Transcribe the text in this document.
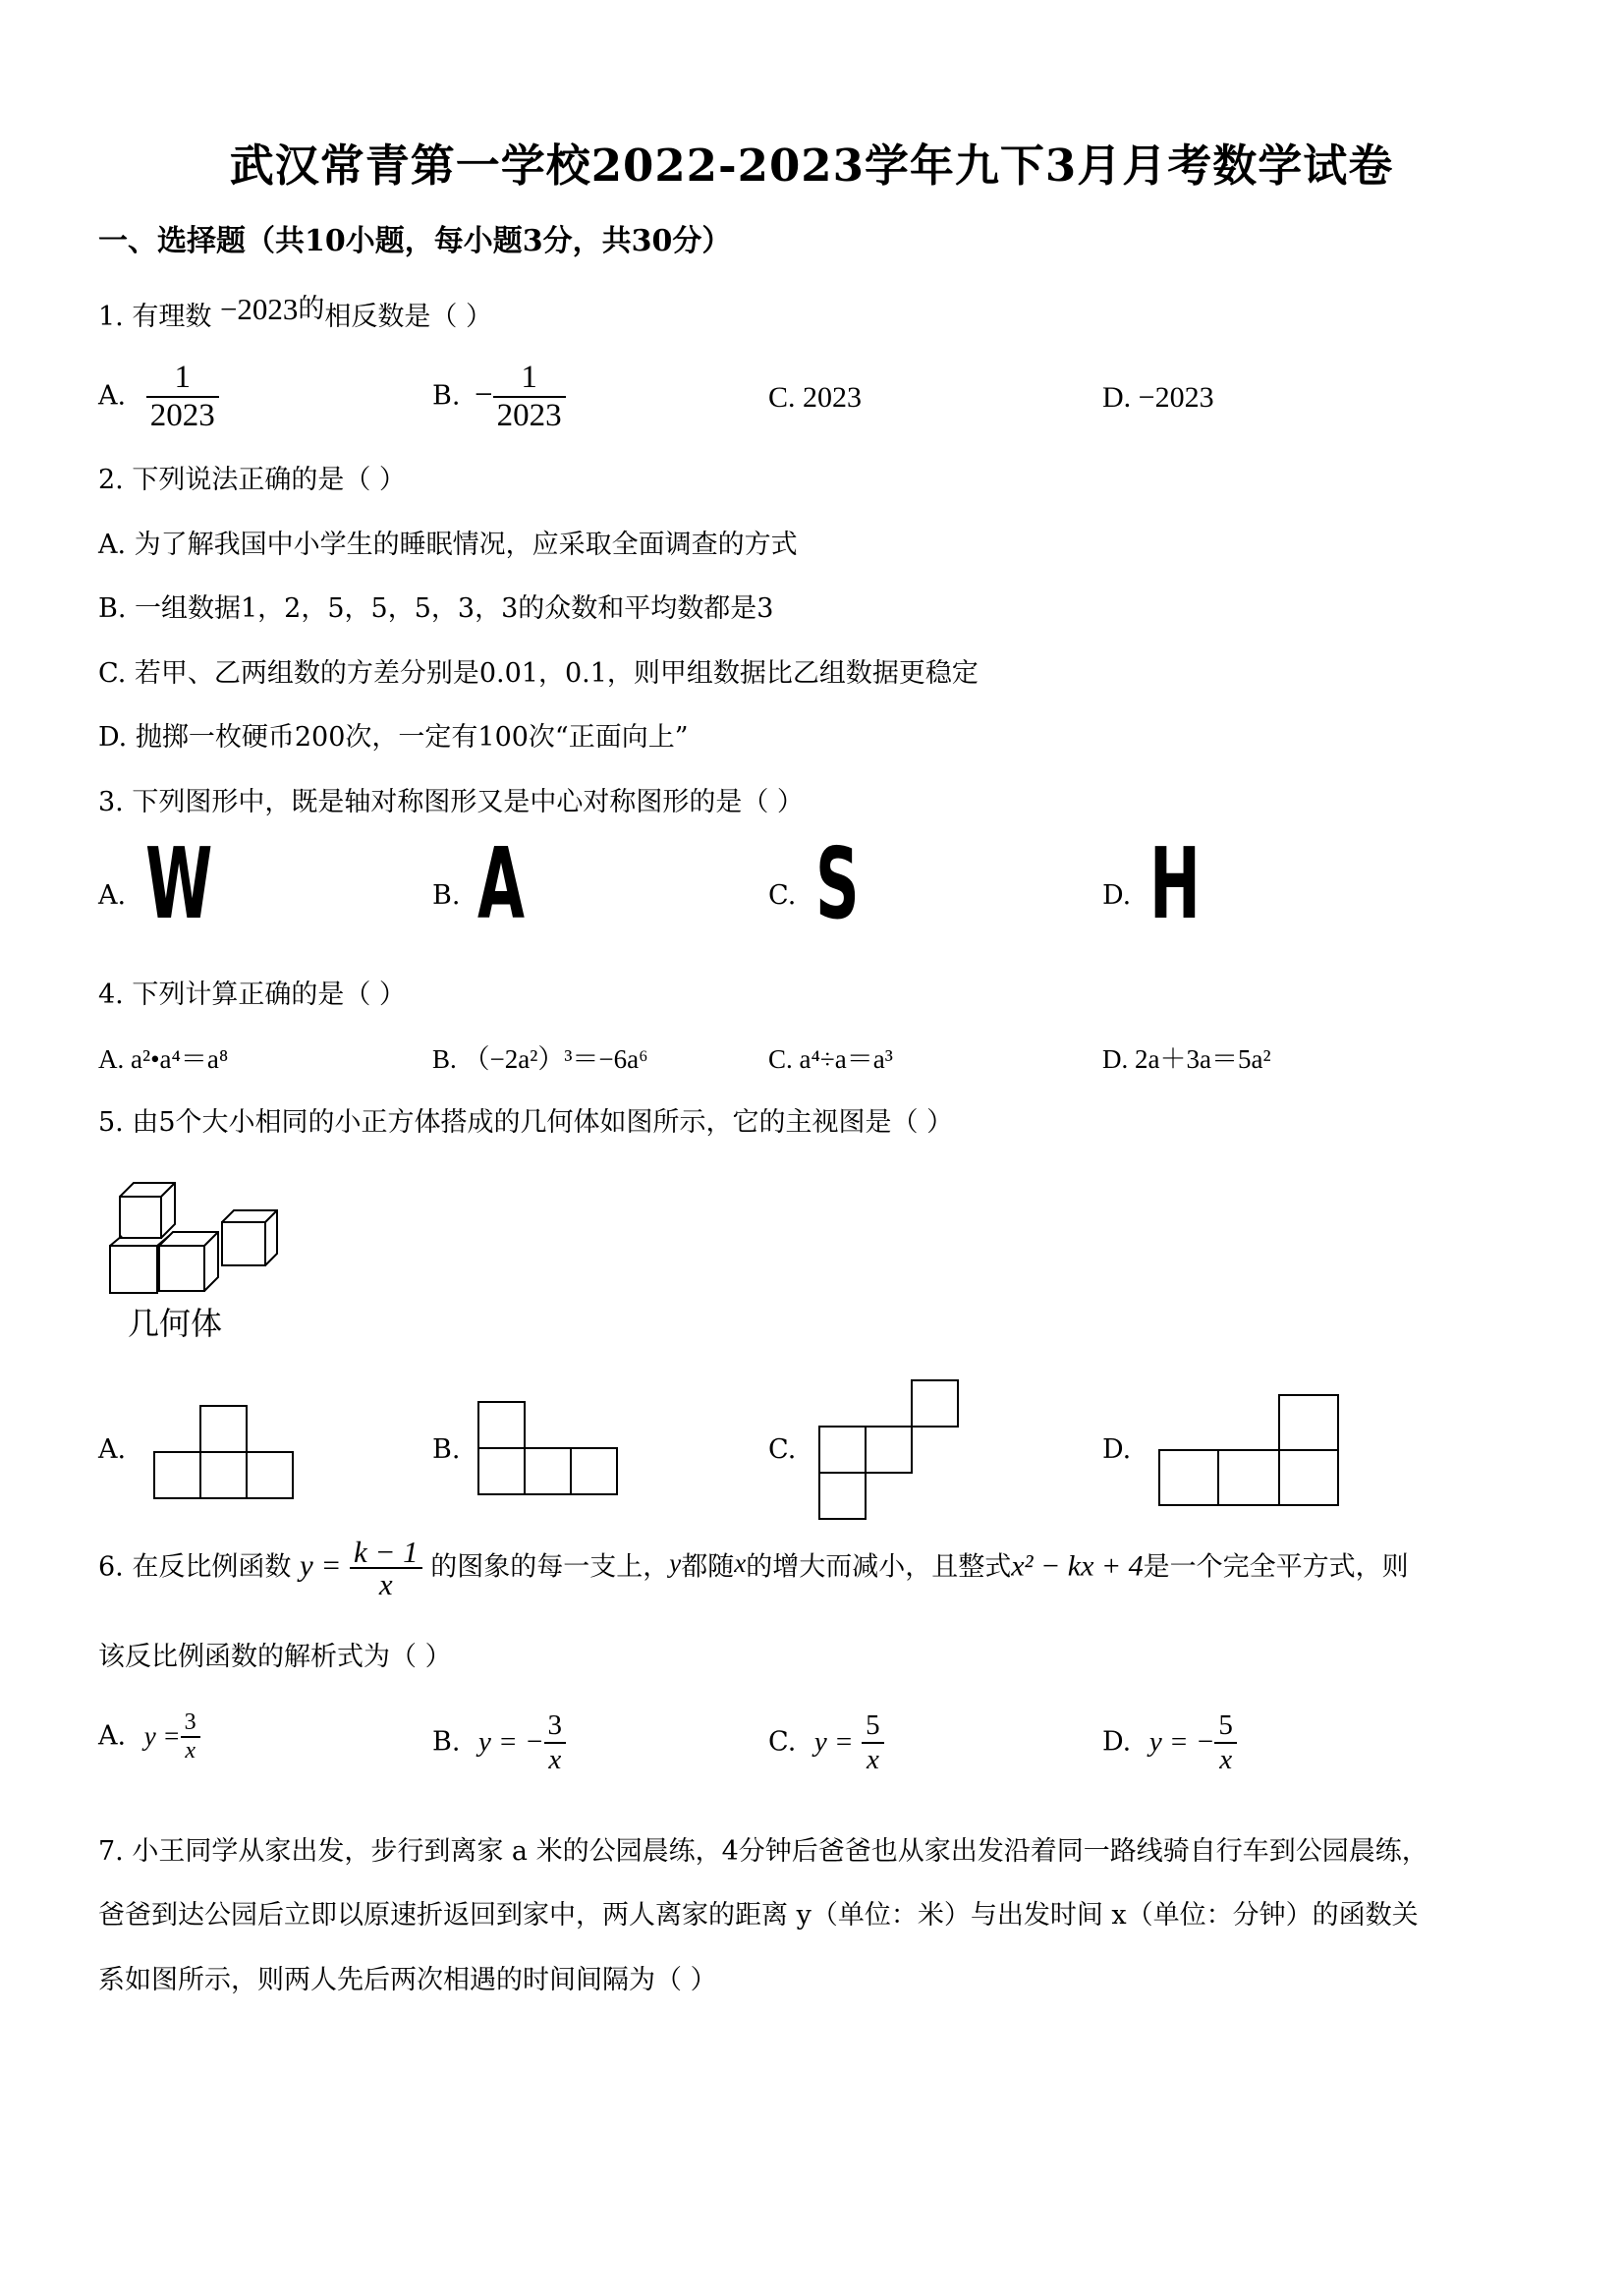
武汉常青第一学校2022-2023学年九下3月月考数学试卷
一、选择题（共10小题，每小题3分，共30分）
1. 有理数 −2023的相反数是（ ）
A. $\frac{1}{2023}$	B. − $\frac{1}{2023}$	C. 2023	D. −2023
2. 下列说法正确的是（ ）
A. 为了解我国中小学生的睡眠情况，应采取全面调查的方式
B. 一组数据1，2，5，5，5，3，3的众数和平均数都是3
C. 若甲、乙两组数的方差分别是0.01，0.1，则甲组数据比乙组数据更稳定
D. 抛掷一枚硬币200次，一定有100次“正面向上”
3. 下列图形中，既是轴对称图形又是中心对称图形的是（ ）
A. W	B. A	C. S	D. H
4. 下列计算正确的是（ ）
A. a²•a⁴＝a⁸	B. （−2a²）³＝−6a⁶	C. a⁴÷a＝a³	D. 2a＋3a＝5a²
5. 由5个大小相同的小正方体搭成的几何体如图所示，它的主视图是（ ）
几何体
A.	B.	C.	D.
6. 在反比例函数 $y = \frac{k - 1}{x}$ 的图象的每一支上，y都随x的增大而减小，且整式x² − kx + 4是一个完全平方式，则
该反比例函数的解析式为（ ）
A. $y = \frac{3}{x}$	B. y = − $\frac{3}{x}$	C. $y = \frac{5}{x}$	D. y = − $\frac{5}{x}$
7. 小王同学从家出发，步行到离家 a 米的公园晨练，4分钟后爸爸也从家出发沿着同一路线骑自行车到公园晨练，
爸爸到达公园后立即以原速折返回到家中，两人离家的距离 y（单位：米）与出发时间 x（单位：分钟）的函数关
系如图所示，则两人先后两次相遇的时间间隔为（ ）
